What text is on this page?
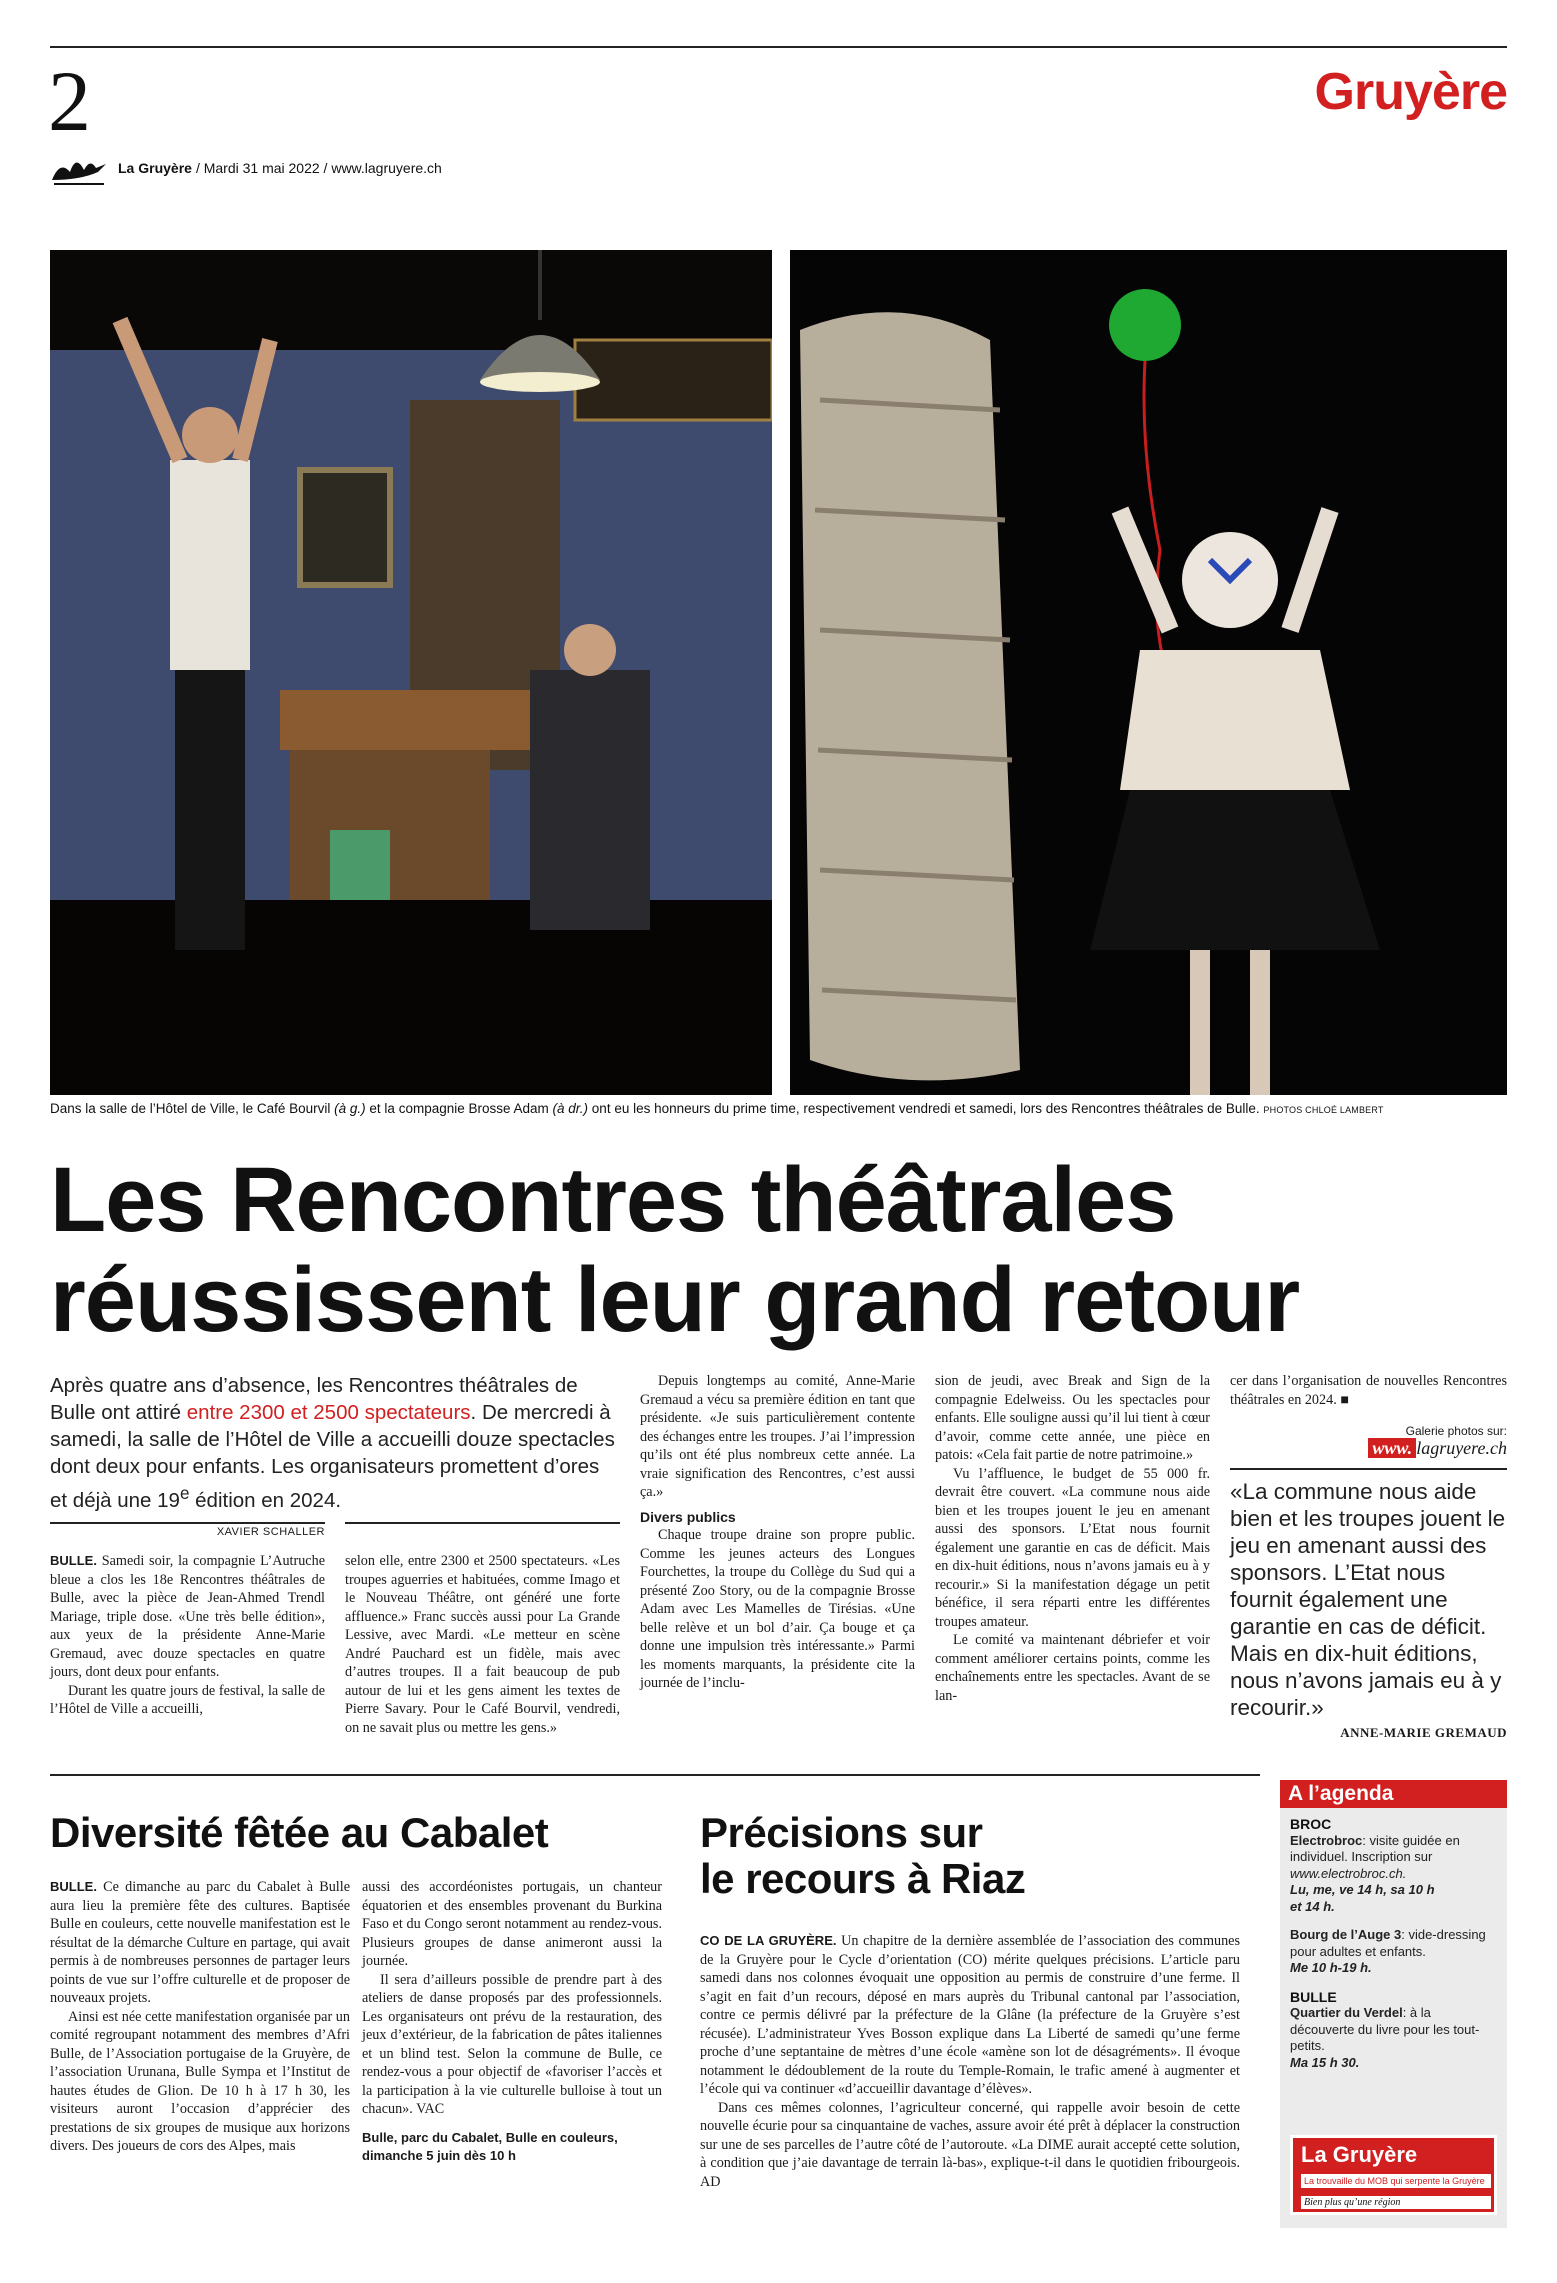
2	Gruyère
La Gruyère / Mardi 31 mai 2022 / www.lagruyere.ch
Dans la salle de l’Hôtel de Ville, le Café Bourvil (à g.) et la compagnie Brosse Adam (à dr.) ont eu les honneurs du prime time, respectivement vendredi et samedi, lors des Rencontres théâtrales de Bulle. PHOTOS CHLOÉ LAMBERT
Les Rencontres théâtrales
réussissent leur grand retour
Après quatre ans d’absence, les Rencontres théâtrales de Bulle ont attiré entre 2300 et 2500 spectateurs. De mercredi à samedi, la salle de l’Hôtel de Ville a accueilli douze spectacles dont deux pour enfants. Les organisateurs promettent d’ores et déjà une 19e édition en 2024.
XAVIER SCHALLER

BULLE. Samedi soir, la compagnie L’Autruche bleue a clos les 18e Rencontres théâtrales de Bulle, avec la pièce de Jean-Ahmed Trendl Mariage, triple dose. «Une très belle édition», aux yeux de la présidente Anne-Marie Gremaud, avec douze spectacles en quatre jours, dont deux pour enfants.

Durant les quatre jours de festival, la salle de l’Hôtel de Ville a accueilli,

selon elle, entre 2300 et 2500 spectateurs. «Les troupes aguerries et habituées, comme Imago et le Nouveau Théâtre, ont généré une forte affluence.» Franc succès aussi pour La Grande Lessive, avec Mardi. «Le metteur en scène André Pauchard est un fidèle, mais avec d’autres troupes. Il a fait beaucoup de pub autour de lui et les gens aiment les textes de Pierre Savary. Pour le Café Bourvil, vendredi, on ne savait plus ou mettre les gens.»

Depuis longtemps au comité, Anne-Marie Gremaud a vécu sa première édition en tant que présidente. «Je suis particulièrement contente des échanges entre les troupes. J’ai l’impression qu’ils ont été plus nombreux cette année. La vraie signification des Rencontres, c’est aussi ça.»

Divers publics

Chaque troupe draine son propre public. Comme les jeunes acteurs des Longues Fourchettes, la troupe du Collège du Sud qui a présenté Zoo Story, ou de la compagnie Brosse Adam avec Les Mamelles de Tirésias. «Une belle relève et un bol d’air. Ça bouge et ça donne une impulsion très intéressante.» Parmi les moments marquants, la présidente cite la journée de l’inclu-

sion de jeudi, avec Break and Sign de la compagnie Edelweiss. Ou les spectacles pour enfants. Elle souligne aussi qu’il lui tient à cœur d’avoir, comme cette année, une pièce en patois: «Cela fait partie de notre patrimoine.»

Vu l’affluence, le budget de 55 000 fr. devrait être couvert. «La commune nous aide bien et les troupes jouent le jeu en amenant aussi des sponsors. L’Etat nous fournit également une garantie en cas de déficit. Mais en dix-huit éditions, nous n’avons jamais eu à y recourir.» Si la manifestation dégage un petit bénéfice, il sera réparti entre les différentes troupes amateur.

Le comité va maintenant débriefer et voir comment améliorer certains points, comme les enchaînements entre les spectacles. Avant de se lan-

cer dans l’organisation de nouvelles Rencontres théâtrales en 2024. ■

Galerie photos sur:
www. lagruyere.ch
«La commune nous aide bien et les troupes jouent le jeu en amenant aussi des sponsors. L’Etat nous fournit également une garantie en cas de déficit. Mais en dix-huit éditions, nous n’avons jamais eu à y recourir.»
ANNE-MARIE GREMAUD
Diversité fêtée au Cabalet

BULLE. Ce dimanche au parc du Cabalet à Bulle aura lieu la première fête des cultures. Baptisée Bulle en couleurs, cette nouvelle manifestation est le résultat de la démarche Culture en partage, qui avait permis à de nombreuses personnes de partager leurs points de vue sur l’offre culturelle et de proposer de nouveaux projets.

Ainsi est née cette manifestation organisée par un comité regroupant notamment des membres d’Afri Bulle, de l’Association portugaise de la Gruyère, de l’association Urunana, Bulle Sympa et l’Institut de hautes études de Glion. De 10 h à 17 h 30, les visiteurs auront l’occasion d’apprécier des prestations de six groupes de musique aux horizons divers. Des joueurs de cors des Alpes, mais

aussi des accordéonistes portugais, un chanteur équatorien et des ensembles provenant du Burkina Faso et du Congo seront notamment au rendez-vous. Plusieurs groupes de danse animeront aussi la journée.

Il sera d’ailleurs possible de prendre part à des ateliers de danse proposés par des professionnels. Les organisateurs ont prévu de la restauration, des jeux d’extérieur, de la fabrication de pâtes italiennes et un blind test. Selon la commune de Bulle, ce rendez-vous a pour objectif de «favoriser l’accès et la participation à la vie culturelle bulloise à tout un chacun». VAC

Bulle, parc du Cabalet, Bulle en couleurs, dimanche 5 juin dès 10 h

Précisions sur
le recours à Riaz

CO DE LA GRUYÈRE. Un chapitre de la dernière assemblée de l’association des communes de la Gruyère pour le Cycle d’orientation (CO) mérite quelques précisions. L’article paru samedi dans nos colonnes évoquait une opposition au permis de construire d’une ferme. Il s’agit en fait d’un recours, déposé en mars auprès du Tribunal cantonal par l’association, contre ce permis délivré par la préfecture de la Glâne (la préfecture de la Gruyère s’est récusée). L’administrateur Yves Bosson explique dans La Liberté de samedi qu’une ferme proche d’une septantaine de mètres d’une école «amène son lot de désagréments». Il évoque notamment le dédoublement de la route du Temple-Romain, le trafic amené à augmenter et l’école qui va continuer «d’accueillir davantage d’élèves».

Dans ces mêmes colonnes, l’agriculteur concerné, qui rappelle avoir besoin de cette nouvelle écurie pour sa cinquantaine de vaches, assure avoir été prêt à déplacer la construction sur une de ses parcelles de l’autre côté de l’autoroute. «La DIME aurait accepté cette solution, à condition que j’aie davantage de terrain là-bas», explique-t-il dans le quotidien fribourgeois. AD

A l’agenda
BROC
Electrobroc: visite guidée en individuel. Inscription sur www.electrobroc.ch.
Lu, me, ve 14 h, sa 10 h
et 14 h.
Bourg de l’Auge 3: vide-dressing pour adultes et enfants.
Me 10 h-19 h.
BULLE
Quartier du Verdel: à la découverte du livre pour les tout-petits.
Ma 15 h 30.
La Gruyère
La trouvaille du MOB qui serpente la Gruyère
Bien plus qu’une région
